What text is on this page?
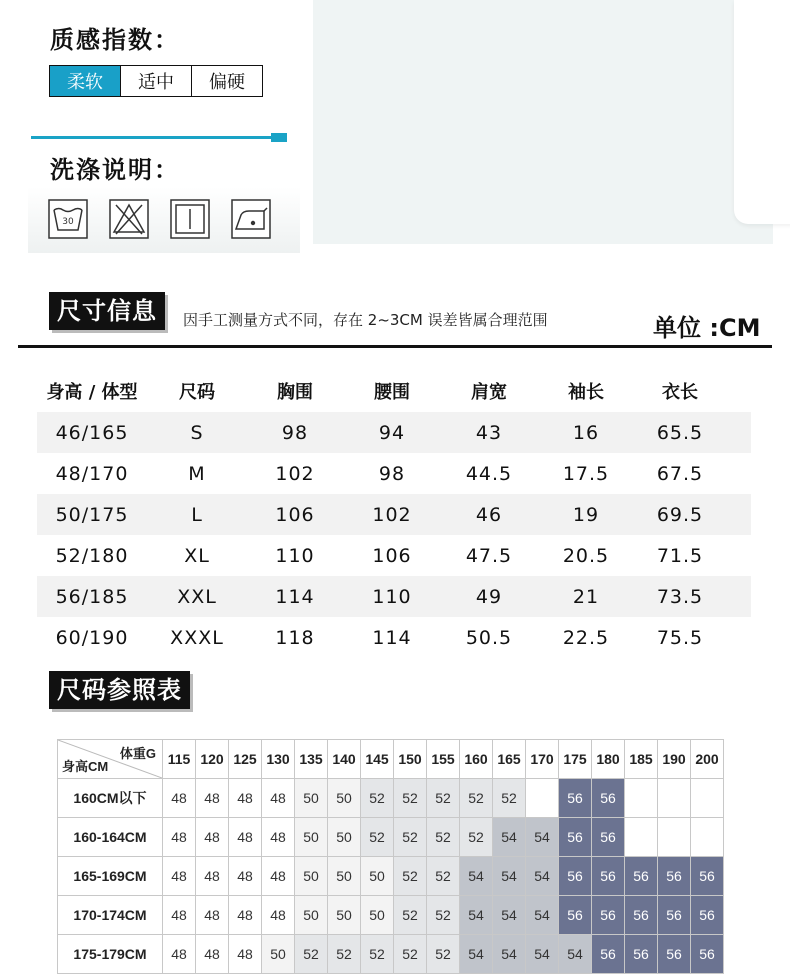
质感指数：
柔软	适中	偏硬
洗涤说明：
30
尺寸信息	因手工测量方式不同，存在 2~3CM 误差皆属合理范围	单位 :CM
身高 / 体型	尺码	胸围	腰围	肩宽	袖长	衣长
46/165	S	98	94	43	16	65.5
48/170	M	102	98	44.5	17.5	67.5
50/175	L	106	102	46	19	69.5
52/180	XL	110	106	47.5	20.5	71.5
56/185	XXL	114	110	49	21	73.5
60/190	XXXL	118	114	50.5	22.5	75.5
尺码参照表
体重G
身高CM	115	120	125	130	135	140	145	150	155	160	165	170	175	180	185	190	200
160CM以下	48	48	48	48	50	50	52	52	52	52	52		56	56			
160-164CM	48	48	48	48	50	50	52	52	52	52	54	54	56	56			
165-169CM	48	48	48	48	50	50	50	52	52	54	54	54	56	56	56	56	56
170-174CM	48	48	48	48	50	50	50	52	52	54	54	54	56	56	56	56	56
175-179CM	48	48	48	50	52	52	52	52	52	54	54	54	54	56	56	56	56
